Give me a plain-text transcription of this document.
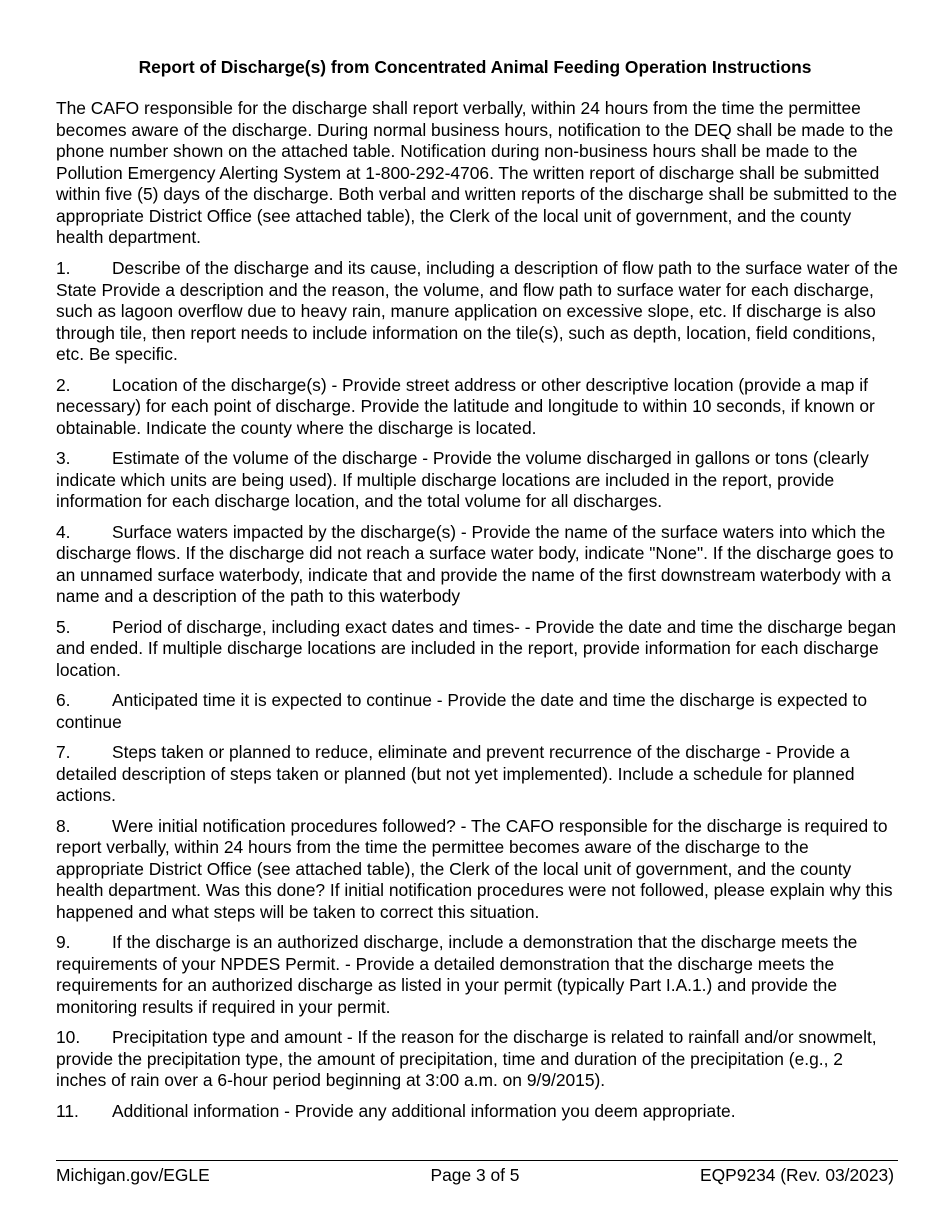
Report of Discharge(s) from Concentrated Animal Feeding Operation Instructions

The CAFO responsible for the discharge shall report verbally, within 24 hours from the time the permittee becomes aware of the discharge. During normal business hours, notification to the DEQ shall be made to the phone number shown on the attached table. Notification during non-business hours shall be made to the Pollution Emergency Alerting System at 1-800-292-4706. The written report of discharge shall be submitted within five (5) days of the discharge. Both verbal and written reports of the discharge shall be submitted to the appropriate District Office (see attached table), the Clerk of the local unit of government, and the county health department.

1. Describe of the discharge and its cause, including a description of flow path to the surface water of the State Provide a description and the reason, the volume, and flow path to surface water for each discharge, such as lagoon overflow due to heavy rain, manure application on excessive slope, etc. If discharge is also through tile, then report needs to include information on the tile(s), such as depth, location, field conditions, etc. Be specific.
2. Location of the discharge(s) - Provide street address or other descriptive location (provide a map if necessary) for each point of discharge. Provide the latitude and longitude to within 10 seconds, if known or obtainable. Indicate the county where the discharge is located.
3. Estimate of the volume of the discharge - Provide the volume discharged in gallons or tons (clearly indicate which units are being used). If multiple discharge locations are included in the report, provide information for each discharge location, and the total volume for all discharges.
4. Surface waters impacted by the discharge(s) - Provide the name of the surface waters into which the discharge flows. If the discharge did not reach a surface water body, indicate "None". If the discharge goes to an unnamed surface waterbody, indicate that and provide the name of the first downstream waterbody with a name and a description of the path to this waterbody
5. Period of discharge, including exact dates and times- - Provide the date and time the discharge began and ended. If multiple discharge locations are included in the report, provide information for each discharge location.
6. Anticipated time it is expected to continue - Provide the date and time the discharge is expected to continue
7. Steps taken or planned to reduce, eliminate and prevent recurrence of the discharge - Provide a detailed description of steps taken or planned (but not yet implemented). Include a schedule for planned actions.
8. Were initial notification procedures followed? - The CAFO responsible for the discharge is required to report verbally, within 24 hours from the time the permittee becomes aware of the discharge to the appropriate District Office (see attached table), the Clerk of the local unit of government, and the county health department. Was this done? If initial notification procedures were not followed, please explain why this happened and what steps will be taken to correct this situation.
9. If the discharge is an authorized discharge, include a demonstration that the discharge meets the requirements of your NPDES Permit. - Provide a detailed demonstration that the discharge meets the requirements for an authorized discharge as listed in your permit (typically Part I.A.1.) and provide the monitoring results if required in your permit.
10. Precipitation type and amount - If the reason for the discharge is related to rainfall and/or snowmelt, provide the precipitation type, the amount of precipitation, time and duration of the precipitation (e.g., 2 inches of rain over a 6-hour period beginning at 3:00 a.m. on 9/9/2015).
11. Additional information - Provide any additional information you deem appropriate.
Michigan.gov/EGLE	Page 3 of 5	EQP9234 (Rev. 03/2023)
